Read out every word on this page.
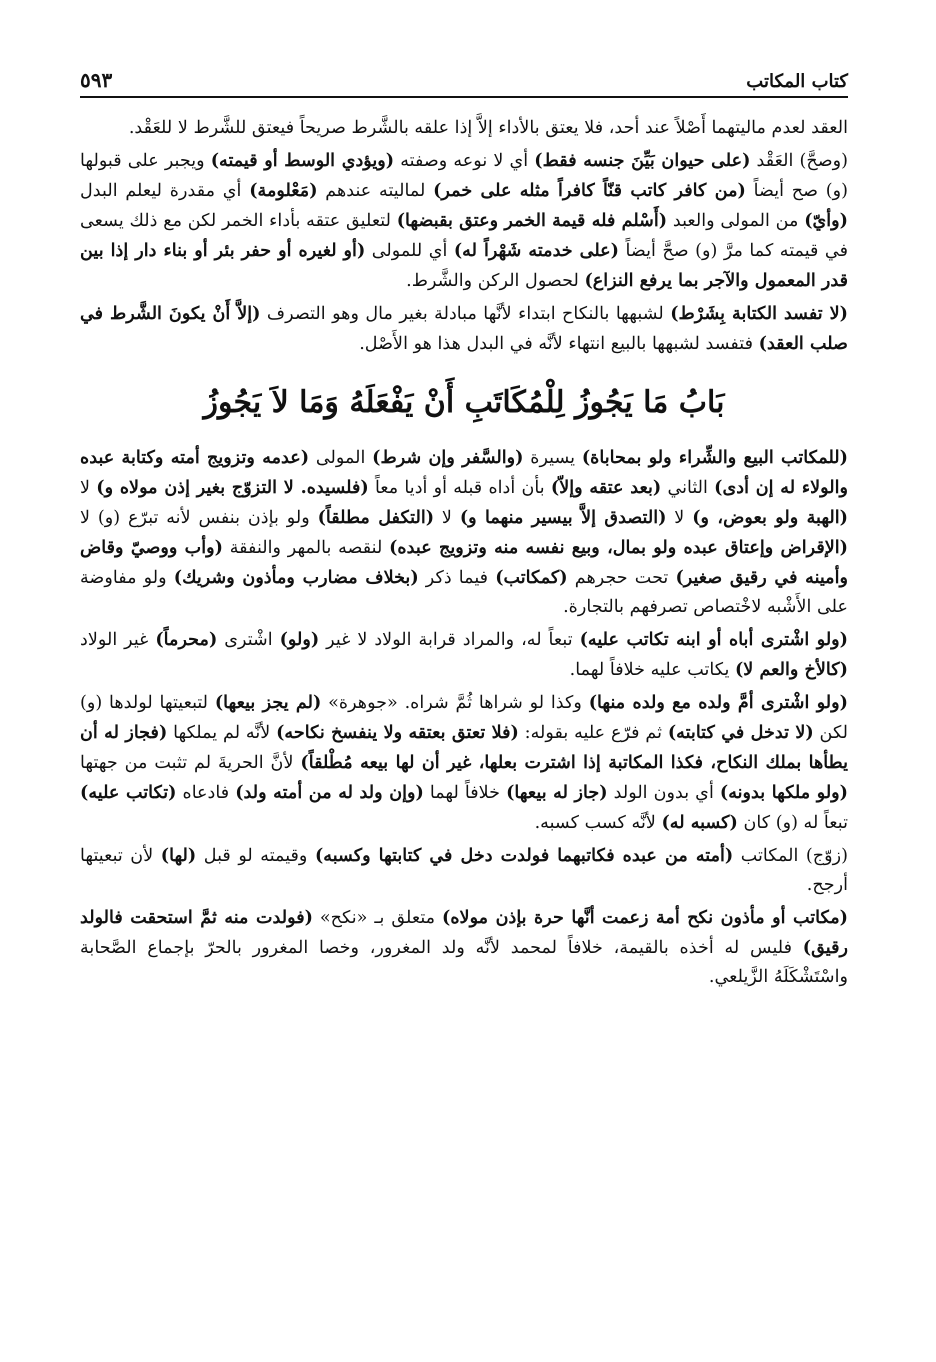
كتاب المكاتب
٥٩٣

العقد لعدم ماليتهما أَصْلاً عند أحد، فلا يعتق بالأداء إلاَّ إذا علقه بالشَّرط صريحاً فيعتق للشَّرط لا للعَقْد.

(وصحَّ) العَقْد (على حيوان بَيِّنَ جنسه فقط) أي لا نوعه وصفته (ويؤدي الوسط أو قيمته) ويجبر على قبولها (و) صح أيضاً (من كافر كاتب قنّاً كافراً مثله على خمر) لماليته عندهم (مَعْلومة) أي مقدرة ليعلم البدل (وأيّ) من المولى والعبد (أَسْلم فله قيمة الخمر وعتق بقبضها) لتعليق عتقه بأداء الخمر لكن مع ذلك يسعى في قيمته كما مرَّ (و) صحَّ أيضاً (على خدمته شَهْراً له) أي للمولى (أو لغيره أو حفر بئر أو بناء دار إذا بين قدر المعمول والآجر بما يرفع النزاع) لحصول الركن والشَّرط.

(لا تفسد الكتابة بِشَرْط) لشبهها بالنكاح ابتداء لأنَّها مبادلة بغير مال وهو التصرف (إلاَّ أَنْ يكونَ الشَّرط في صلب العقد) فتفسد لشبهها بالبيع انتهاء لأنَّه في البدل هذا هو الأَصْل.

بَابُ مَا يَجُوزُ لِلْمُكَاتَبِ أَنْ يَفْعَلَهُ وَمَا لاَ يَجُوزُ

(للمكاتب البيع والشِّراء ولو بمحاباة) يسيرة (والسَّفر وإن شرط) المولى (عدمه وتزويج أمته وكتابة عبده والولاء له إن أدى) الثاني (بعد عتقه وإلاّ) بأن أداه قبله أو أديا معاً (فلسيده. لا التزوّج بغير إذن مولاه و) لا (الهبة ولو بعوض، و) لا (التصدق إلاَّ بيسير منهما و) لا (التكفل مطلقاً) ولو بإذن بنفس لأنه تبرّع (و) لا (الإقراض وإعتاق عبده ولو بمال، وبيع نفسه منه وتزويج عبده) لنقصه بالمهر والنفقة (وأب ووصيّ وقاض وأمينه في رقيق صغير) تحت حجرهم (كمكاتب) فيما ذكر (بخلاف مضارب ومأذون وشريك) ولو مفاوضة على الأَشْبه لاخْتصاص تصرفهم بالتجارة.

(ولو اشْترى أباه أو ابنه تكاتب عليه) تبعاً له، والمراد قرابة الولاد لا غير (ولو) اشْترى (محرماً) غير الولاد (كالأخ والعم لا) يكاتب عليه خلافاً لهما.

(ولو اشْترى أمَّ ولده مع ولده منها) وكذا لو شراها ثُمَّ شراه. «جوهرة» (لم يجز بيعها) لتبعيتها لولدها (و) لكن (لا تدخل في كتابته) ثم فرّع عليه بقوله: (فلا تعتق بعتقه ولا ينفسخ نكاحه) لأنَّه لم يملكها (فجاز له أن يطأها بملك النكاح، فكذا المكاتبة إذا اشترت بعلها، غير أن لها بيعه مُطْلقاً) لأنَّ الحريةَ لم تثبت من جهتها (ولو ملكها بدونه) أي بدون الولد (جاز له بيعها) خلافاً لهما (وإن ولد له من أمته ولد) فادعاه (تكاتب عليه) تبعاً له (و) كان (كسبه له) لأنَّه كسب كسبه.

(زوّج) المكاتب (أمته من عبده فكاتبهما فولدت دخل في كتابتها وكسبه) وقيمته لو قبل (لها) لأن تبعيتها أرجح.

(مكاتب أو مأذون نكح أمة زعمت أنَّها حرة بإذن مولاه) متعلق بـ «نكح» (فولدت منه ثمَّ استحقت فالولد رقيق) فليس له أخذه بالقيمة، خلافاً لمحمد لأنَّه ولد المغرور، وخصا المغرور بالحرّ بإجماع الصَّحابة واسْتَشْكَلَهُ الزَّيلعي.
